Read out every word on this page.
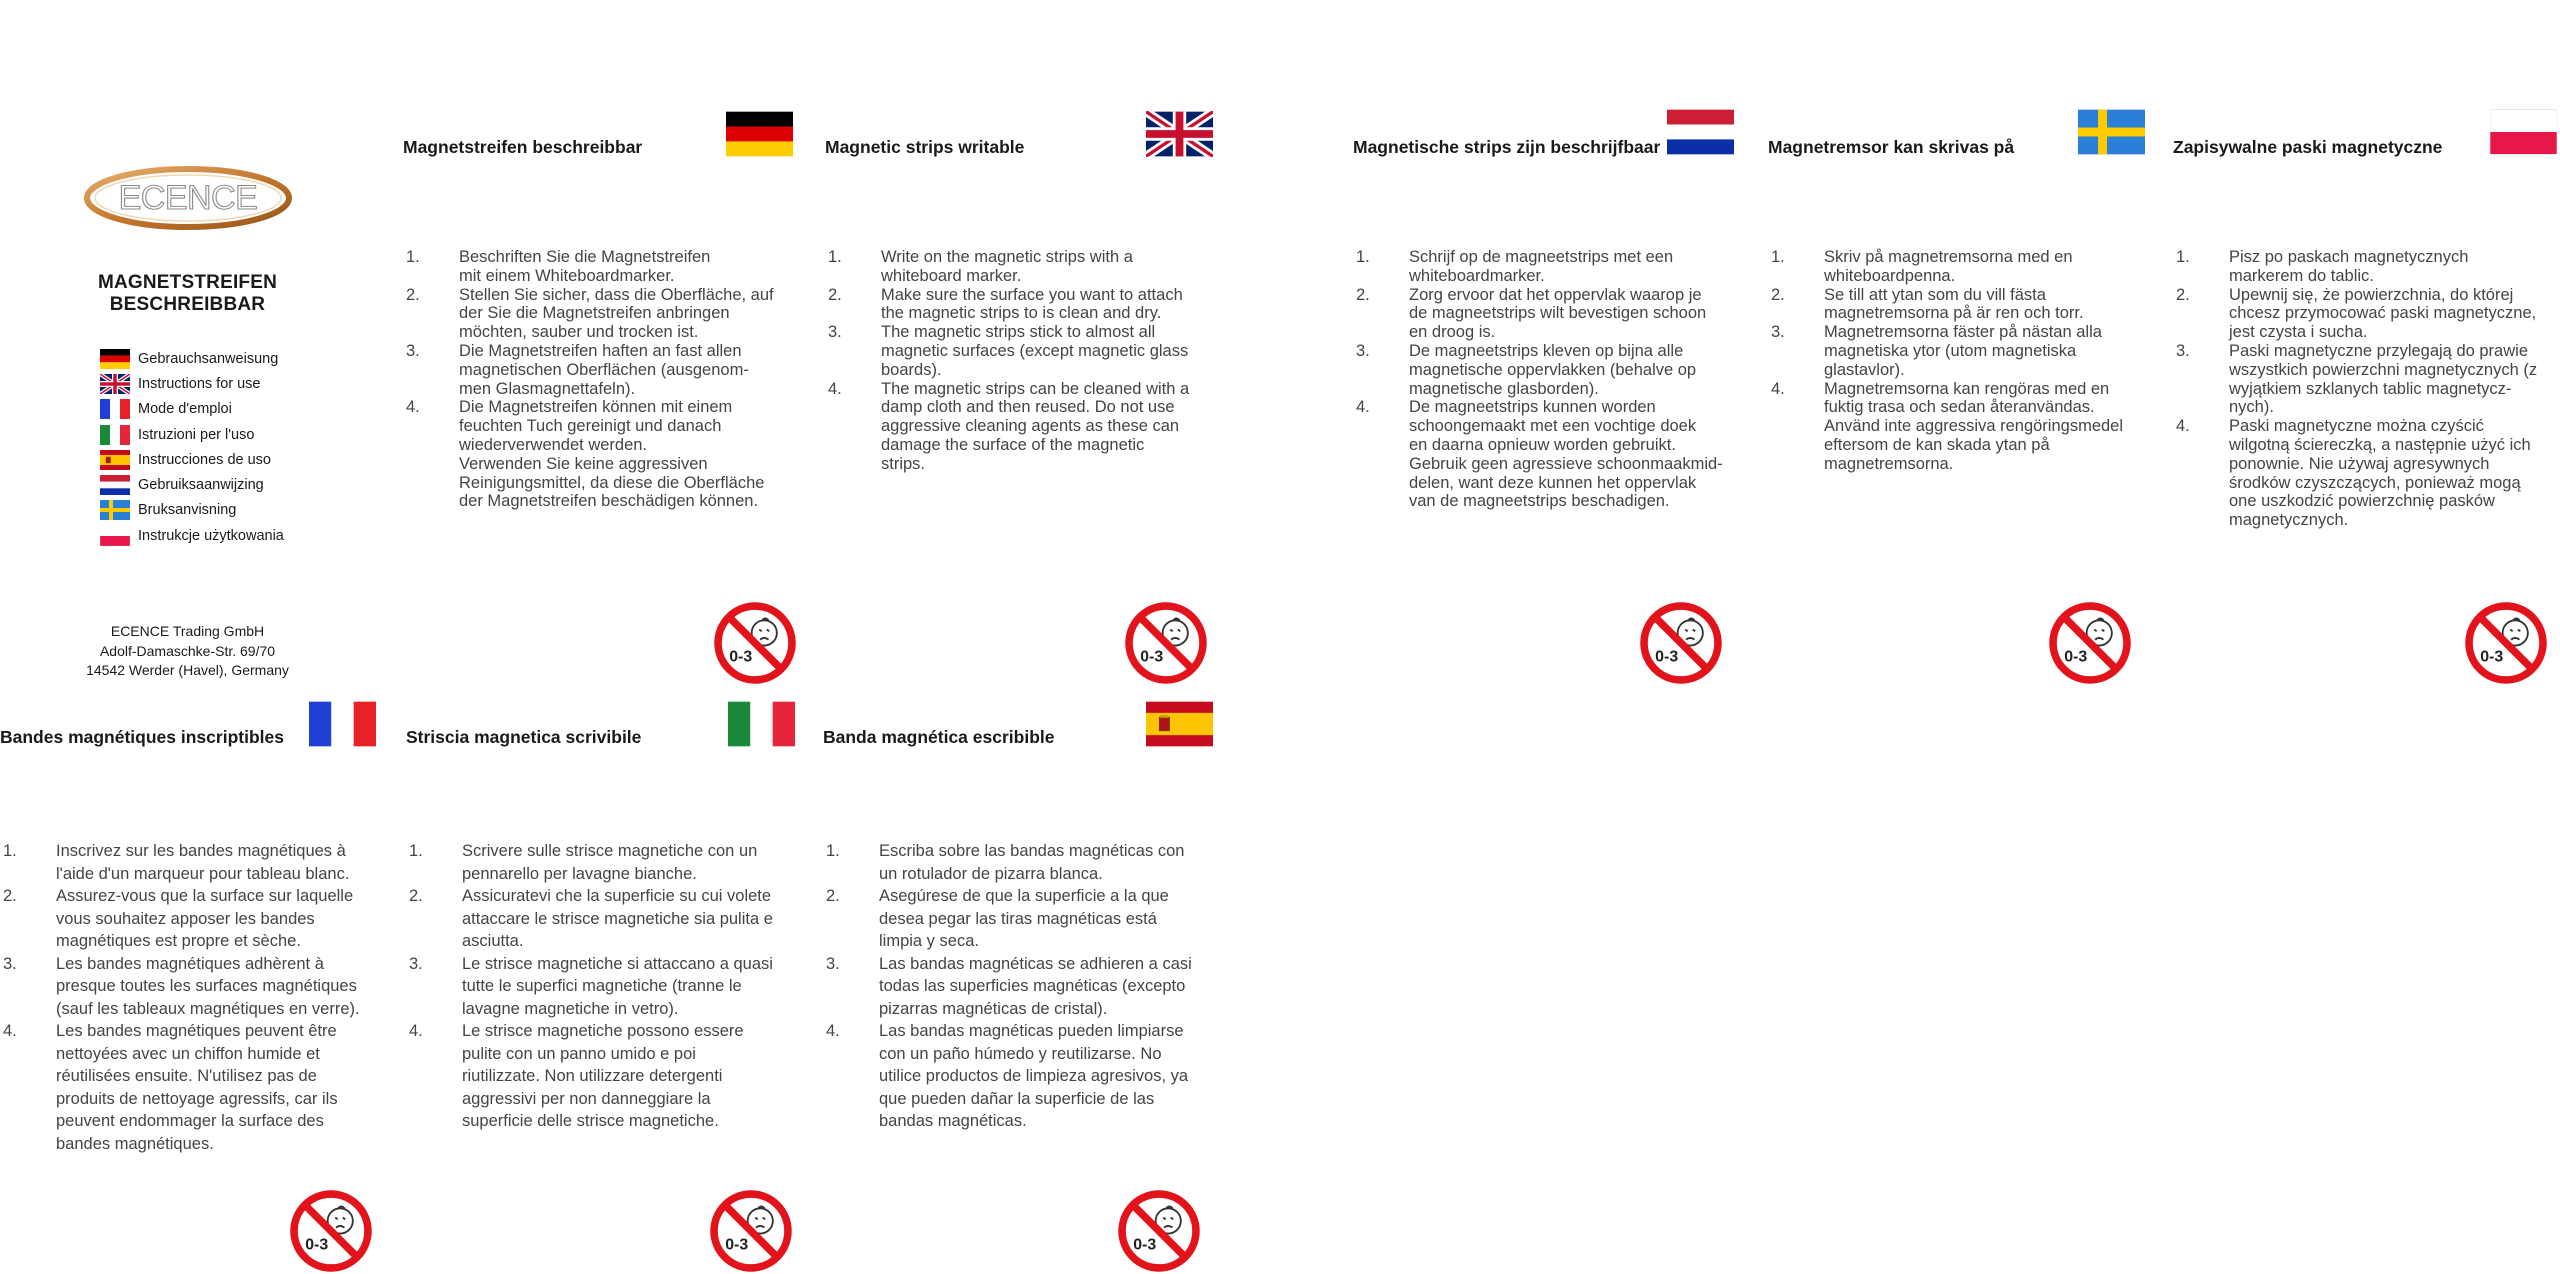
ECENCE
MAGNETSTREIFEN BESCHREIBBAR
Gebrauchsanweisung
Instructions for use
Mode d'emploi
Istruzioni per l'uso
Instrucciones de uso
Gebruiksaanwijzing
Bruksanvisning
Instrukcje użytkowania
ECENCE Trading GmbH
Adolf-Damaschke-Str. 69/70
14542 Werder (Havel), Germany
Magnetstreifen beschreibbar	Magnetic strips writable	Magnetische strips zijn beschrijfbaar	Magnetremsor kan skrivas på	Zapisywalne paski magnetyczne
1. Beschriften Sie die Magnetstreifen
mit einem Whiteboardmarker.
2. Stellen Sie sicher, dass die Oberfläche, auf
der Sie die Magnetstreifen anbringen
möchten, sauber und trocken ist.
3. Die Magnetstreifen haften an fast allen
magnetischen Oberflächen (ausgenom-
men Glasmagnettafeln).
4. Die Magnetstreifen können mit einem
feuchten Tuch gereinigt und danach
wiederverwendet werden.
Verwenden Sie keine aggressiven
Reinigungsmittel, da diese die Oberfläche
der Magnetstreifen beschädigen können.
1. Write on the magnetic strips with a
whiteboard marker.
2. Make sure the surface you want to attach
the magnetic strips to is clean and dry.
3. The magnetic strips stick to almost all
magnetic surfaces (except magnetic glass
boards).
4. The magnetic strips can be cleaned with a
damp cloth and then reused. Do not use
aggressive cleaning agents as these can
damage the surface of the magnetic
strips.
1. Schrijf op de magneetstrips met een
whiteboardmarker.
2. Zorg ervoor dat het oppervlak waarop je
de magneetstrips wilt bevestigen schoon
en droog is.
3. De magneetstrips kleven op bijna alle
magnetische oppervlakken (behalve op
magnetische glasborden).
4. De magneetstrips kunnen worden
schoongemaakt met een vochtige doek
en daarna opnieuw worden gebruikt.
Gebruik geen agressieve schoonmaakmid-
delen, want deze kunnen het oppervlak
van de magneetstrips beschadigen.
1. Skriv på magnetremsorna med en
whiteboardpenna.
2. Se till att ytan som du vill fästa
magnetremsorna på är ren och torr.
3. Magnetremsorna fäster på nästan alla
magnetiska ytor (utom magnetiska
glastavlor).
4. Magnetremsorna kan rengöras med en
fuktig trasa och sedan återanvändas.
Använd inte aggressiva rengöringsmedel
eftersom de kan skada ytan på
magnetremsorna.
1. Pisz po paskach magnetycznych
markerem do tablic.
2. Upewnij się, że powierzchnia, do której
chcesz przymocować paski magnetyczne,
jest czysta i sucha.
3. Paski magnetyczne przylegają do prawie
wszystkich powierzchni magnetycznych (z
wyjątkiem szklanych tablic magnetycz-
nych).
4. Paski magnetyczne można czyścić
wilgotną ściereczką, a następnie użyć ich
ponownie. Nie używaj agresywnych
środków czyszczących, ponieważ mogą
one uszkodzić powierzchnię pasków
magnetycznych.
0-3	0-3	0-3	0-3	0-3
Bandes magnétiques inscriptibles	Striscia magnetica scrivibile	Banda magnética escribible
1. Inscrivez sur les bandes magnétiques à
l'aide d'un marqueur pour tableau blanc.
2. Assurez-vous que la surface sur laquelle
vous souhaitez apposer les bandes
magnétiques est propre et sèche.
3. Les bandes magnétiques adhèrent à
presque toutes les surfaces magnétiques
(sauf les tableaux magnétiques en verre).
4. Les bandes magnétiques peuvent être
nettoyées avec un chiffon humide et
réutilisées ensuite. N'utilisez pas de
produits de nettoyage agressifs, car ils
peuvent endommager la surface des
bandes magnétiques.
1. Scrivere sulle strisce magnetiche con un
pennarello per lavagne bianche.
2. Assicuratevi che la superficie su cui volete
attaccare le strisce magnetiche sia pulita e
asciutta.
3. Le strisce magnetiche si attaccano a quasi
tutte le superfici magnetiche (tranne le
lavagne magnetiche in vetro).
4. Le strisce magnetiche possono essere
pulite con un panno umido e poi
riutilizzate. Non utilizzare detergenti
aggressivi per non danneggiare la
superficie delle strisce magnetiche.
1. Escriba sobre las bandas magnéticas con
un rotulador de pizarra blanca.
2. Asegúrese de que la superficie a la que
desea pegar las tiras magnéticas está
limpia y seca.
3. Las bandas magnéticas se adhieren a casi
todas las superficies magnéticas (excepto
pizarras magnéticas de cristal).
4. Las bandas magnéticas pueden limpiarse
con un paño húmedo y reutilizarse. No
utilice productos de limpieza agresivos, ya
que pueden dañar la superficie de las
bandas magnéticas.
0-3	0-3	0-3
